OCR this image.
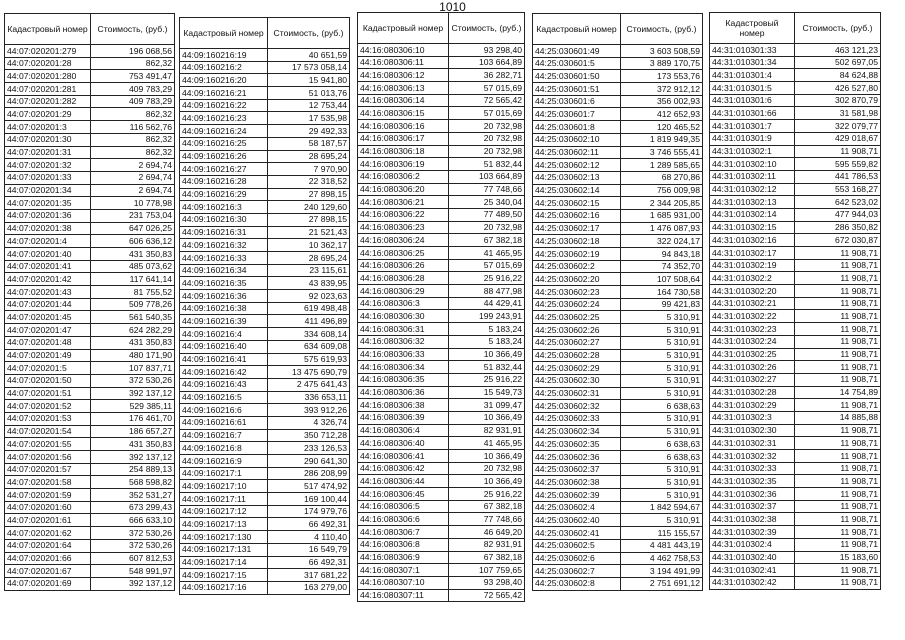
1010
Кадастровый номер	Стоимость, (руб.)
44:07:020201:279	196 068,56
44:07:020201:28	862,32
44:07:020201:280	753 491,47
44:07:020201:281	409 783,29
44:07:020201:282	409 783,29
44:07:020201:29	862,32
44:07:020201:3	116 562,76
44:07:020201:30	862,32
44:07:020201:31	862,32
44:07:020201:32	2 694,74
44:07:020201:33	2 694,74
44:07:020201:34	2 694,74
44:07:020201:35	10 778,98
44:07:020201:36	231 753,04
44:07:020201:38	647 026,25
44:07:020201:4	606 636,12
44:07:020201:40	431 350,83
44:07:020201:41	485 073,62
44:07:020201:42	117 641,14
44:07:020201:43	81 755,52
44:07:020201:44	509 778,26
44:07:020201:45	561 540,35
44:07:020201:47	624 282,29
44:07:020201:48	431 350,83
44:07:020201:49	480 171,90
44:07:020201:5	107 837,71
44:07:020201:50	372 530,26
44:07:020201:51	392 137,12
44:07:020201:52	529 385,11
44:07:020201:53	176 461,70
44:07:020201:54	186 657,27
44:07:020201:55	431 350,83
44:07:020201:56	392 137,12
44:07:020201:57	254 889,13
44:07:020201:58	568 598,82
44:07:020201:59	352 531,27
44:07:020201:60	673 299,43
44:07:020201:61	666 633,10
44:07:020201:62	372 530,26
44:07:020201:64	372 530,26
44:07:020201:66	607 812,53
44:07:020201:67	548 991,97
44:07:020201:69	392 137,12
Кадастровый номер	Стоимость, (руб.)
44:09:160216:19	40 651,59
44:09:160216:2	17 573 058,14
44:09:160216:20	15 941,80
44:09:160216:21	51 013,76
44:09:160216:22	12 753,44
44:09:160216:23	17 535,98
44:09:160216:24	29 492,33
44:09:160216:25	58 187,57
44:09:160216:26	28 695,24
44:09:160216:27	7 970,90
44:09:160216:28	22 318,52
44:09:160216:29	27 898,15
44:09:160216:3	240 129,60
44:09:160216:30	27 898,15
44:09:160216:31	21 521,43
44:09:160216:32	10 362,17
44:09:160216:33	28 695,24
44:09:160216:34	23 115,61
44:09:160216:35	43 839,95
44:09:160216:36	92 023,63
44:09:160216:38	619 498,48
44:09:160216:39	411 496,89
44:09:160216:4	334 608,14
44:09:160216:40	634 609,08
44:09:160216:41	575 619,93
44:09:160216:42	13 475 690,79
44:09:160216:43	2 475 641,43
44:09:160216:5	336 653,11
44:09:160216:6	393 912,26
44:09:160216:61	4 326,74
44:09:160216:7	350 712,28
44:09:160216:8	233 126,53
44:09:160216:9	290 641,30
44:09:160217:1	286 208,99
44:09:160217:10	517 474,92
44:09:160217:11	169 100,44
44:09:160217:12	174 979,76
44:09:160217:13	66 492,31
44:09:160217:130	4 110,40
44:09:160217:131	16 549,79
44:09:160217:14	66 492,31
44:09:160217:15	317 681,22
44:09:160217:16	163 279,00
Кадастровый номер	Стоимость, (руб.)
44:16:080306:10	93 298,40
44:16:080306:11	103 664,89
44:16:080306:12	36 282,71
44:16:080306:13	57 015,69
44:16:080306:14	72 565,42
44:16:080306:15	57 015,69
44:16:080306:16	20 732,98
44:16:080306:17	20 732,98
44:16:080306:18	20 732,98
44:16:080306:19	51 832,44
44:16:080306:2	103 664,89
44:16:080306:20	77 748,66
44:16:080306:21	25 340,04
44:16:080306:22	77 489,50
44:16:080306:23	20 732,98
44:16:080306:24	67 382,18
44:16:080306:25	41 465,95
44:16:080306:26	57 015,69
44:16:080306:28	25 916,22
44:16:080306:29	88 477,98
44:16:080306:3	44 429,41
44:16:080306:30	199 243,91
44:16:080306:31	5 183,24
44:16:080306:32	5 183,24
44:16:080306:33	10 366,49
44:16:080306:34	51 832,44
44:16:080306:35	25 916,22
44:16:080306:36	15 549,73
44:16:080306:38	31 099,47
44:16:080306:39	10 366,49
44:16:080306:4	82 931,91
44:16:080306:40	41 465,95
44:16:080306:41	10 366,49
44:16:080306:42	20 732,98
44:16:080306:44	10 366,49
44:16:080306:45	25 916,22
44:16:080306:5	67 382,18
44:16:080306:6	77 748,66
44:16:080306:7	46 649,20
44:16:080306:8	82 931,91
44:16:080306:9	67 382,18
44:16:080307:1	107 759,65
44:16:080307:10	93 298,40
44:16:080307:11	72 565,42
Кадастровый номер	Стоимость, (руб.)
44:25:030601:49	3 603 508,59
44:25:030601:5	3 889 170,75
44:25:030601:50	173 553,76
44:25:030601:51	372 912,12
44:25:030601:6	356 002,93
44:25:030601:7	412 652,93
44:25:030601:8	120 465,52
44:25:030602:10	1 819 949,35
44:25:030602:11	3 746 555,41
44:25:030602:12	1 289 585,65
44:25:030602:13	68 270,86
44:25:030602:14	756 009,98
44:25:030602:15	2 344 205,85
44:25:030602:16	1 685 931,00
44:25:030602:17	1 476 087,93
44:25:030602:18	322 024,17
44:25:030602:19	94 843,18
44:25:030602:2	74 352,70
44:25:030602:20	107 508,64
44:25:030602:23	164 730,58
44:25:030602:24	99 421,83
44:25:030602:25	5 310,91
44:25:030602:26	5 310,91
44:25:030602:27	5 310,91
44:25:030602:28	5 310,91
44:25:030602:29	5 310,91
44:25:030602:30	5 310,91
44:25:030602:31	5 310,91
44:25:030602:32	6 638,63
44:25:030602:33	5 310,91
44:25:030602:34	5 310,91
44:25:030602:35	6 638,63
44:25:030602:36	6 638,63
44:25:030602:37	5 310,91
44:25:030602:38	5 310,91
44:25:030602:39	5 310,91
44:25:030602:4	1 842 594,67
44:25:030602:40	5 310,91
44:25:030602:41	115 155,57
44:25:030602:5	4 481 443,19
44:25:030602:6	4 462 758,53
44:25:030602:7	3 194 491,99
44:25:030602:8	2 751 691,12
Кадастровый номер	Стоимость, (руб.)
44:31:010301:33	463 121,23
44:31:010301:34	502 697,05
44:31:010301:4	84 624,88
44:31:010301:5	426 527,80
44:31:010301:6	302 870,79
44:31:010301:66	31 581,98
44:31:010301:7	322 079,77
44:31:010301:9	429 018,67
44:31:010302:1	11 908,71
44:31:010302:10	595 559,82
44:31:010302:11	441 786,53
44:31:010302:12	553 168,27
44:31:010302:13	642 523,02
44:31:010302:14	477 944,03
44:31:010302:15	286 350,82
44:31:010302:16	672 030,87
44:31:010302:17	11 908,71
44:31:010302:19	11 908,71
44:31:010302:2	11 908,71
44:31:010302:20	11 908,71
44:31:010302:21	11 908,71
44:31:010302:22	11 908,71
44:31:010302:23	11 908,71
44:31:010302:24	11 908,71
44:31:010302:25	11 908,71
44:31:010302:26	11 908,71
44:31:010302:27	11 908,71
44:31:010302:28	14 754,89
44:31:010302:29	11 908,71
44:31:010302:3	14 885,88
44:31:010302:30	11 908,71
44:31:010302:31	11 908,71
44:31:010302:32	11 908,71
44:31:010302:33	11 908,71
44:31:010302:35	11 908,71
44:31:010302:36	11 908,71
44:31:010302:37	11 908,71
44:31:010302:38	11 908,71
44:31:010302:39	11 908,71
44:31:010302:4	11 908,71
44:31:010302:40	15 183,60
44:31:010302:41	11 908,71
44:31:010302:42	11 908,71
